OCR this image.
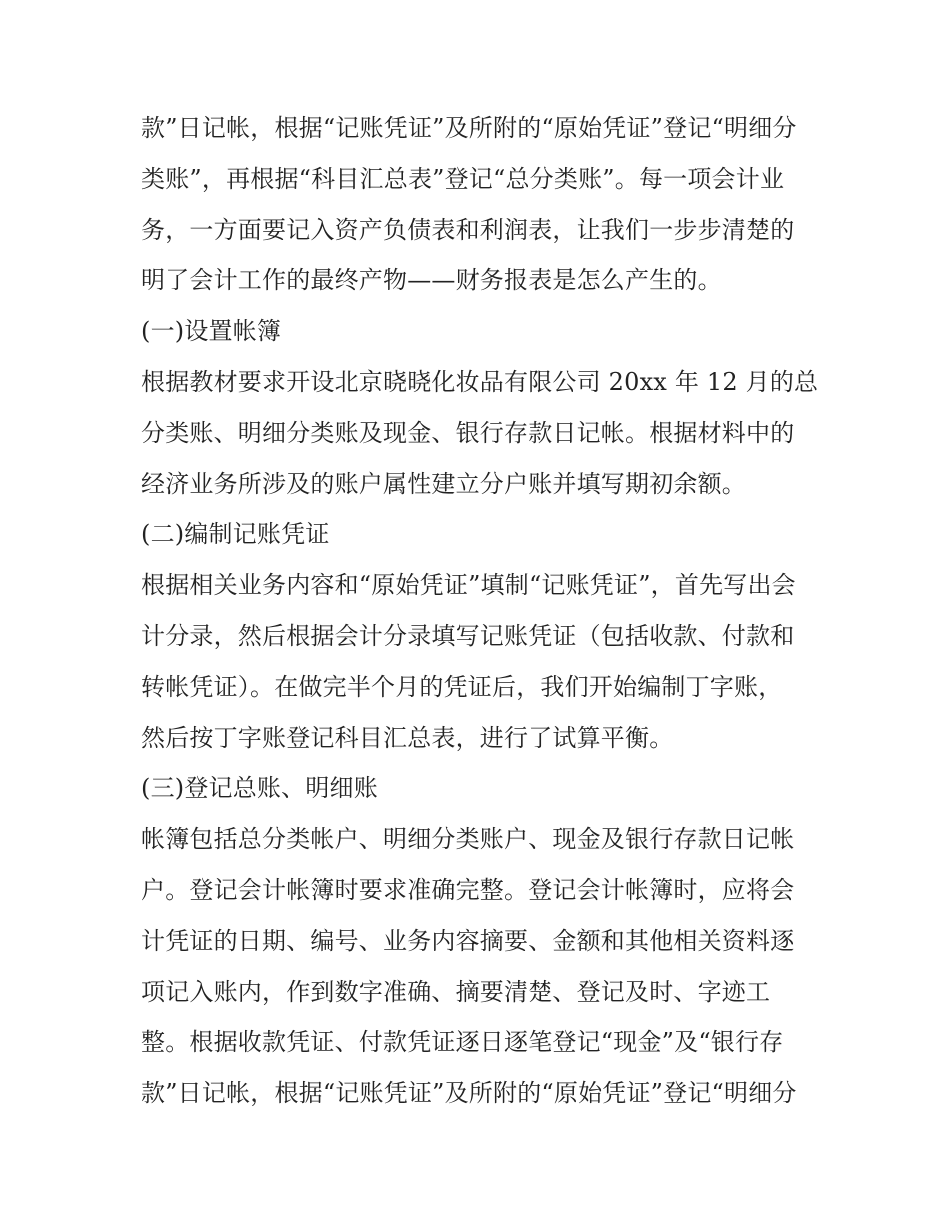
款”日记帐，根据“记账凭证”及所附的“原始凭证”登记“明细分
类账”，再根据“科目汇总表”登记“总分类账”。每一项会计业
务，一方面要记入资产负债表和利润表，让我们一步步清楚的
明了会计工作的最终产物——财务报表是怎么产生的。
(一)设置帐簿
根据教材要求开设北京晓晓化妆品有限公司 20xx 年 12 月的总
分类账、明细分类账及现金、银行存款日记帐。根据材料中的
经济业务所涉及的账户属性建立分户账并填写期初余额。
(二)编制记账凭证
根据相关业务内容和“原始凭证”填制“记账凭证”，首先写出会
计分录，然后根据会计分录填写记账凭证（包括收款、付款和
转帐凭证）。在做完半个月的凭证后，我们开始编制丁字账，
然后按丁字账登记科目汇总表，进行了试算平衡。
(三)登记总账、明细账
帐簿包括总分类帐户、明细分类账户、现金及银行存款日记帐
户。登记会计帐簿时要求准确完整。登记会计帐簿时，应将会
计凭证的日期、编号、业务内容摘要、金额和其他相关资料逐
项记入账内，作到数字准确、摘要清楚、登记及时、字迹工
整。根据收款凭证、付款凭证逐日逐笔登记“现金”及“银行存
款”日记帐，根据“记账凭证”及所附的“原始凭证”登记“明细分
